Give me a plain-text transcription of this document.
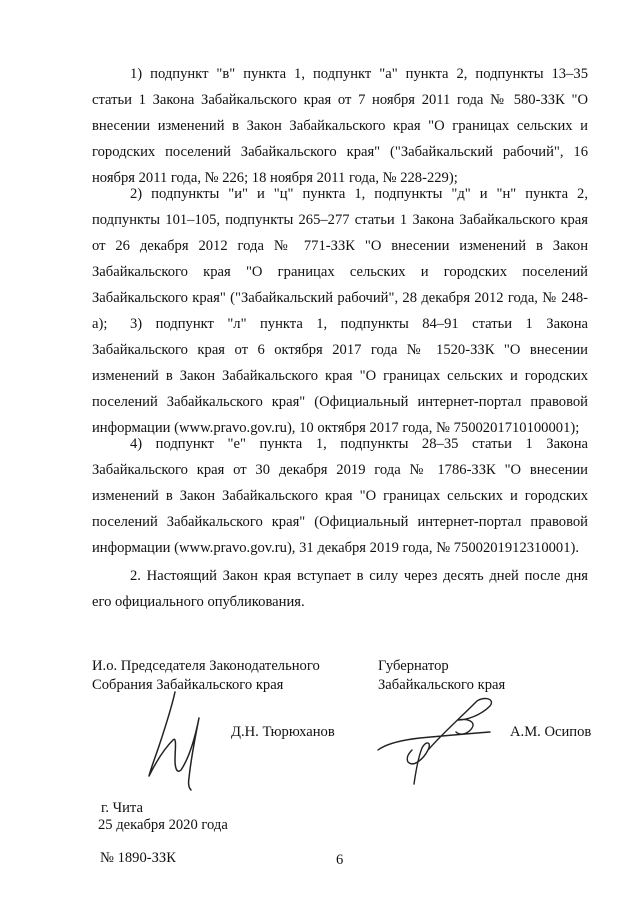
1) подпункт "в" пункта 1, подпункт "а" пункта 2, подпункты 13–35 статьи 1 Закона Забайкальского края от 7 ноября 2011 года № 580-ЗЗК "О внесении изменений в Закон Забайкальского края "О границах сельских и городских поселений Забайкальского края" ("Забайкальский рабочий", 16 ноября 2011 года, № 226; 18 ноября 2011 года, № 228-229);

2) подпункты "и" и "ц" пункта 1, подпункты "д" и "н" пункта 2, подпункты 101–105, подпункты 265–277 статьи 1 Закона Забайкальского края от 26 декабря 2012 года № 771-ЗЗК "О внесении изменений в Закон Забайкальского края "О границах сельских и городских поселений Забайкальского края" ("Забайкальский рабочий", 28 декабря 2012 года, № 248-а);	3) подпункт "л" пункта 1, подпункты 84–91 статьи 1 Закона Забайкальского края от 6 октября 2017 года № 1520-ЗЗК "О внесении изменений в Закон Забайкальского края "О границах сельских и городских поселений Забайкальского края" (Официальный интернет-портал правовой информации (www.pravo.gov.ru), 10 октября 2017 года, № 7500201710100001);

4) подпункт "е" пункта 1, подпункты 28–35 статьи 1 Закона Забайкальского края от 30 декабря 2019 года № 1786-ЗЗК "О внесении изменений в Закон Забайкальского края "О границах сельских и городских поселений Забайкальского края" (Официальный интернет-портал правовой информации (www.pravo.gov.ru), 31 декабря 2019 года, № 7500201912310001).

2. Настоящий Закон края вступает в силу через десять дней после дня его официального опубликования.

И.о. Председателя Законодательного
Собрания Забайкальского края
Губернатор
Забайкальского края
Д.Н. Тюрюханов	А.М. Осипов
г. Чита
25 декабря 2020 года
№ 1890-ЗЗК	6
